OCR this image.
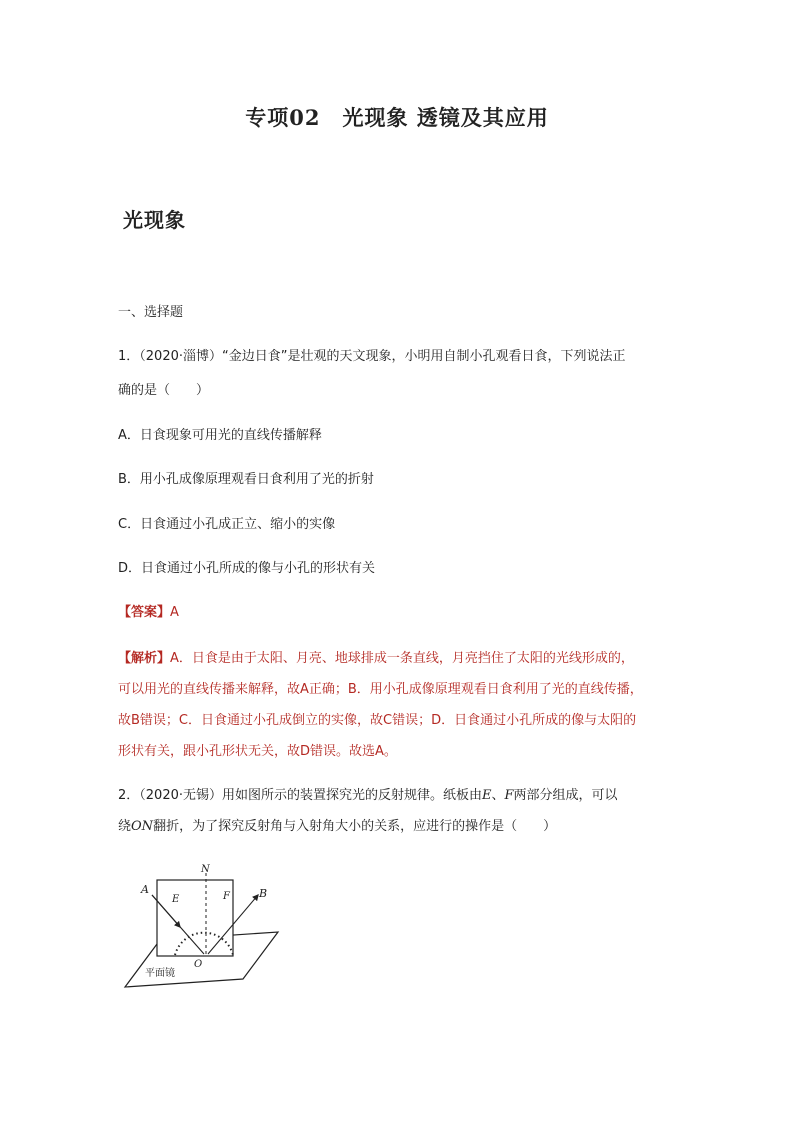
专项02　光现象 透镜及其应用
光现象
一、选择题
1．（2020·淄博）“金边日食”是壮观的天文现象，小明用自制小孔观看日食，下列说法正
确的是（　　）
A．日食现象可用光的直线传播解释
B．用小孔成像原理观看日食利用了光的折射
C．日食通过小孔成正立、缩小的实像
D．日食通过小孔所成的像与小孔的形状有关
【答案】A
【解析】A．日食是由于太阳、月亮、地球排成一条直线，月亮挡住了太阳的光线形成的，
可以用光的直线传播来解释，故A正确；B．用小孔成像原理观看日食利用了光的直线传播，
故B错误；C．日食通过小孔成倒立的实像，故C错误；D．日食通过小孔所成的像与太阳的
形状有关，跟小孔形状无关，故D错误。故选A。
2．（2020·无锡）用如图所示的装置探究光的反射规律。纸板由E、F两部分组成，可以
绕ON翻折，为了探究反射角与入射角大小的关系，应进行的操作是（　　）
N
A	B
E	F
O
平面镜
